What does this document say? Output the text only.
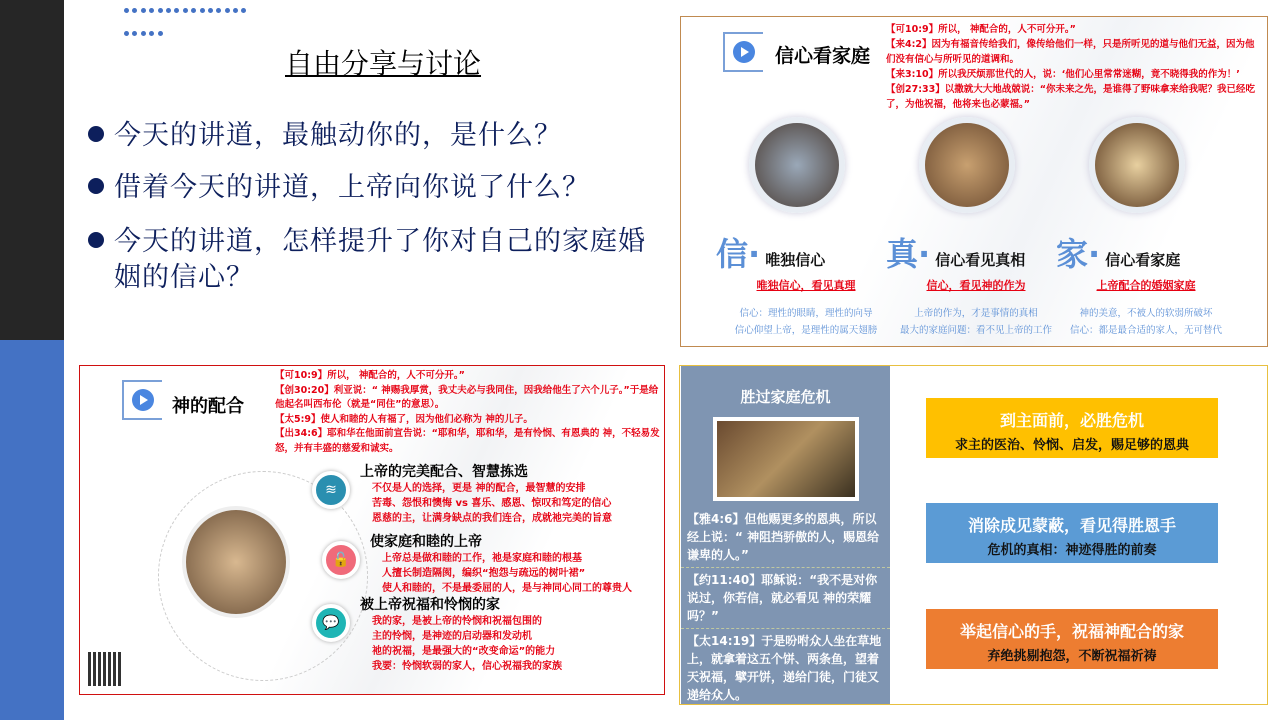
自由分享与讨论
今天的讲道，最触动你的，是什么？
借着今天的讲道，上帝向你说了什么？
今天的讲道，怎样提升了你对自己的家庭婚姻的信心？
信心看家庭
【可10:9】所以， 神配合的，人不可分开。”
【来4:2】因为有福音传给我们，像传给他们一样，只是所听见的道与他们无益，因为他们没有信心与所听见的道调和。
【来3:10】所以我厌烦那世代的人，说：‘他们心里常常迷糊，竟不晓得我的作为！’
【创27:33】以撒就大大地战兢说：“你未来之先，是谁得了野味拿来给我呢？我已经吃了，为他祝福，他将来也必蒙福。”
信· 唯独信心
唯独信心，看见真理
信心：理性的眼睛，理性的向导
信心仰望上帝，是理性的属天翅膀
真· 信心看见真相
信心，看见神的作为
上帝的作为，才是事情的真相
最大的家庭问题：看不见上帝的工作
家· 信心看家庭
上帝配合的婚姻家庭
神的美意，不被人的软弱所破坏
信心：都是最合适的家人，无可替代
神的配合
【可10:9】所以， 神配合的，人不可分开。”
【创30:20】利亚说：“ 神赐我厚赏，我丈夫必与我同住，因我给他生了六个儿子。”于是给他起名叫西布伦（就是“同住”的意思）。
【太5:9】使人和睦的人有福了，因为他们必称为 神的儿子。
【出34:6】耶和华在他面前宣告说：“耶和华，耶和华，是有怜悯、有恩典的 神，不轻易发怒，并有丰盛的慈爱和诚实。
≋
上帝的完美配合、智慧拣选
不仅是人的选择，更是 神的配合，最智慧的安排
苦毒、怨恨和懊悔 vs 喜乐、感恩、惊叹和笃定的信心
恩慈的主，让满身缺点的我们连合，成就祂完美的旨意
🔓
使家庭和睦的上帝
上帝总是做和睦的工作，祂是家庭和睦的根基
人擅长制造隔阂，编织“抱怨与疏远的树叶裙”
使人和睦的，不是最委屈的人，是与神同心同工的尊贵人
💬
被上帝祝福和怜悯的家
我的家，是被上帝的怜悯和祝福包围的
主的怜悯，是神迹的启动器和发动机
祂的祝福，是最强大的“改变命运”的能力
我要：怜悯软弱的家人，信心祝福我的家族
胜过家庭危机
【雅4:6】但他赐更多的恩典，所以经上说：“ 神阻挡骄傲的人，赐恩给谦卑的人。”
【约11:40】耶稣说：“我不是对你说过，你若信，就必看见 神的荣耀吗？”
【太14:19】于是吩咐众人坐在草地上，就拿着这五个饼、两条鱼，望着天祝福，擘开饼，递给门徒，门徒又递给众人。
到主面前，必胜危机
求主的医治、怜悯、启发，赐足够的恩典
消除成见蒙蔽，看见得胜恩手
危机的真相：神迹得胜的前奏
举起信心的手，祝福神配合的家
弃绝挑剔抱怨，不断祝福祈祷
